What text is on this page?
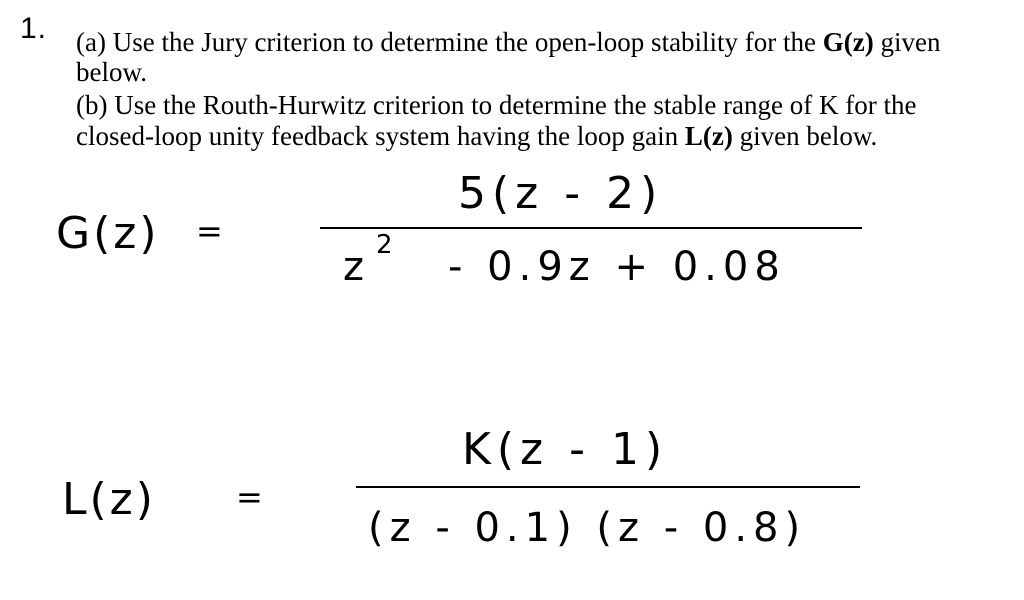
1. (a) Use the Jury criterion to determine the open-loop stability for the G(z) given
below.
(b) Use the Routh-Hurwitz criterion to determine the stable range of K for the
closed-loop unity feedback system having the loop gain L(z) given below.
G(z) =
5(z - 2)
z 2 - 0.9z + 0.08
L(z)	=
K(z - 1)
(z - 0.1) (z - 0.8)
